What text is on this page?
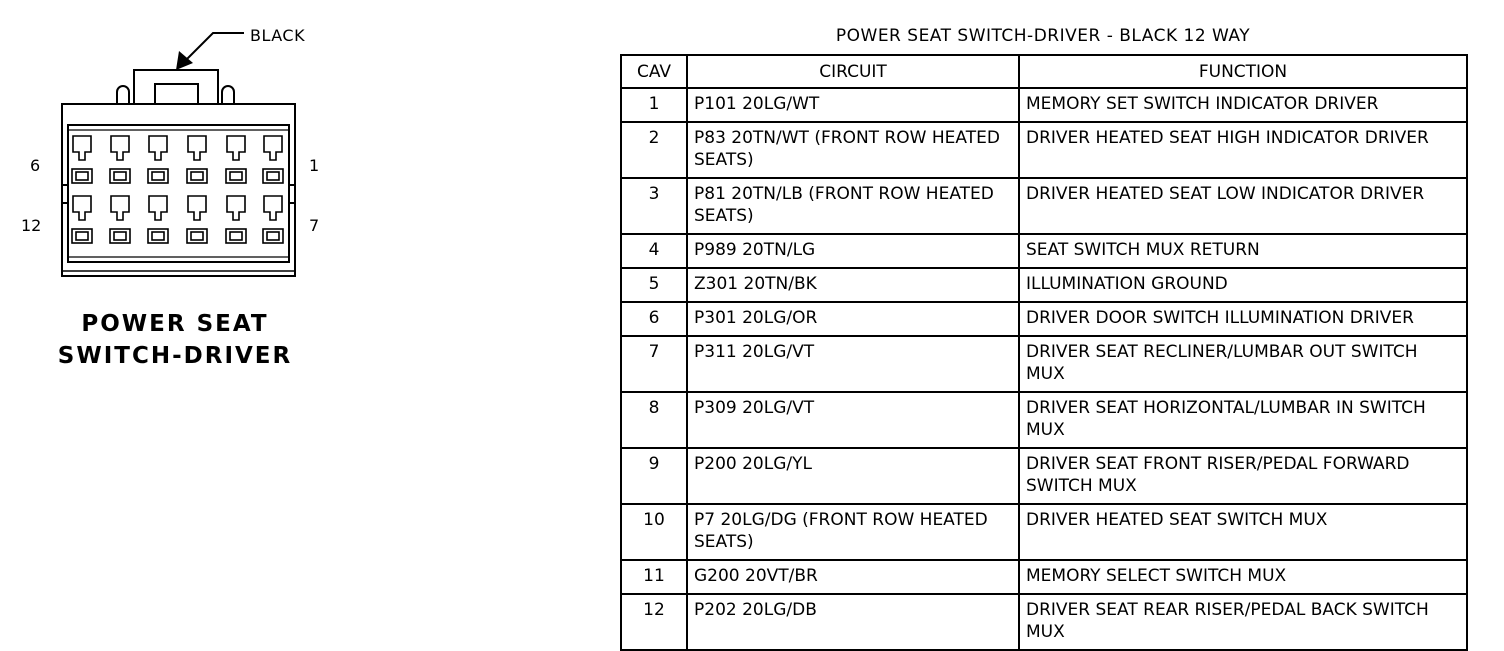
BLACK
6	1
12	7
POWER SEAT
SWITCH-DRIVER
POWER SEAT SWITCH-DRIVER - BLACK 12 WAY
CAV	CIRCUIT	FUNCTION
1	P101 20LG/WT	MEMORY SET SWITCH INDICATOR DRIVER
2	P83 20TN/WT (FRONT ROW HEATED SEATS)	DRIVER HEATED SEAT HIGH INDICATOR DRIVER
3	P81 20TN/LB (FRONT ROW HEATED SEATS)	DRIVER HEATED SEAT LOW INDICATOR DRIVER
4	P989 20TN/LG	SEAT SWITCH MUX RETURN
5	Z301 20TN/BK	ILLUMINATION GROUND
6	P301 20LG/OR	DRIVER DOOR SWITCH ILLUMINATION DRIVER
7	P311 20LG/VT	DRIVER SEAT RECLINER/LUMBAR OUT SWITCH MUX
8	P309 20LG/VT	DRIVER SEAT HORIZONTAL/LUMBAR IN SWITCH MUX
9	P200 20LG/YL	DRIVER SEAT FRONT RISER/PEDAL FORWARD SWITCH MUX
10	P7 20LG/DG (FRONT ROW HEATED SEATS)	DRIVER HEATED SEAT SWITCH MUX
11	G200 20VT/BR	MEMORY SELECT SWITCH MUX
12	P202 20LG/DB	DRIVER SEAT REAR RISER/PEDAL BACK SWITCH MUX
